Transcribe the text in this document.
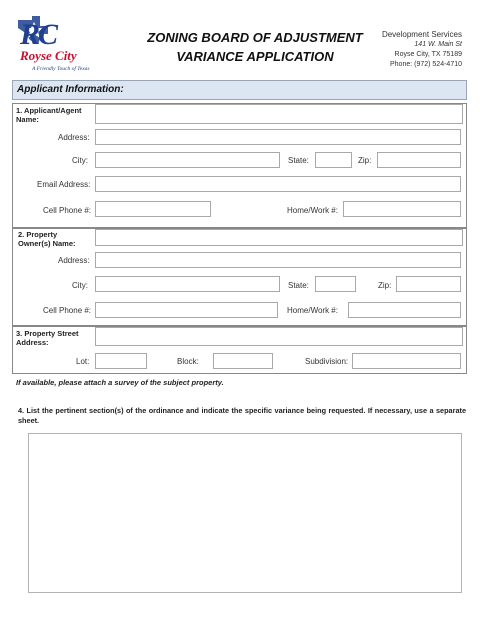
RC
Royse City
A Friendly Touch of Texas
ZONING BOARD OF ADJUSTMENT
VARIANCE APPLICATION
Development Services
141 W. Main St
Royse City, TX 75189
Phone: (972) 524-4710
Applicant Information:
1. Applicant/Agent Name:
Address:
City:	State:	Zip:
Email Address:
Cell Phone #:	Home/Work #:
2. Property Owner(s) Name:
Address:
City:	State:	Zip:
Cell Phone #:	Home/Work #:
3. Property Street Address:
Lot:	Block:	Subdivision:
If available, please attach a survey of the subject property.
4. List the pertinent section(s) of the ordinance and indicate the specific variance being requested. If necessary, use a separate sheet.
